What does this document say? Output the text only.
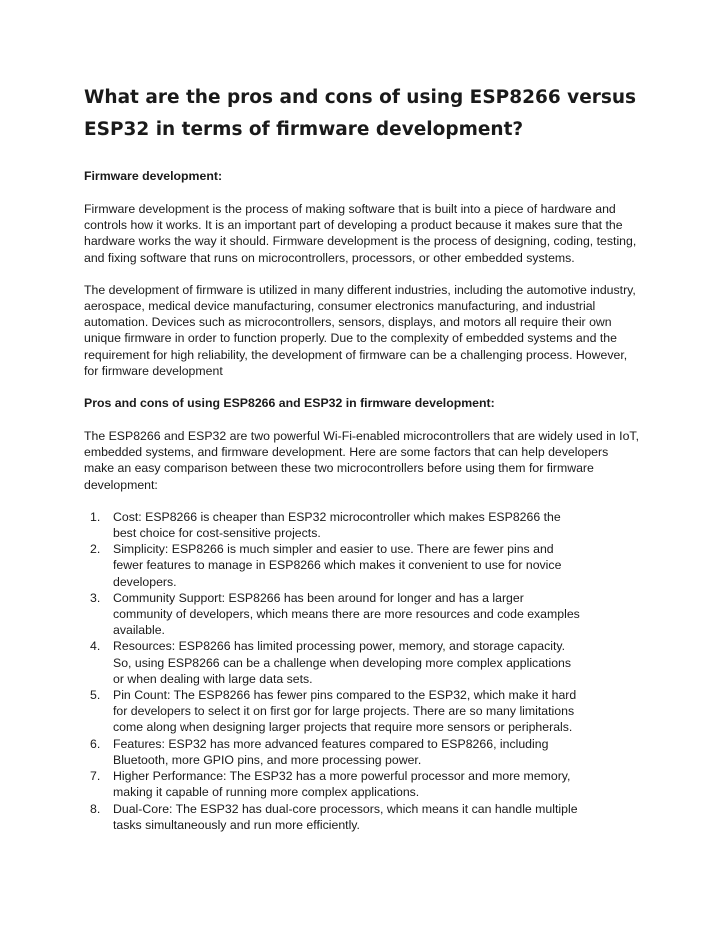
What are the pros and cons of using ESP8266 versus ESP32 in terms of firmware development?
Firmware development:

Firmware development is the process of making software that is built into a piece of hardware and controls how it works. It is an important part of developing a product because it makes sure that the hardware works the way it should. Firmware development is the process of designing, coding, testing, and fixing software that runs on microcontrollers, processors, or other embedded systems.

The development of firmware is utilized in many different industries, including the automotive industry, aerospace, medical device manufacturing, consumer electronics manufacturing, and industrial automation. Devices such as microcontrollers, sensors, displays, and motors all require their own unique firmware in order to function properly. Due to the complexity of embedded systems and the requirement for high reliability, the development of firmware can be a challenging process. However, for firmware development

Pros and cons of using ESP8266 and ESP32 in firmware development:

The ESP8266 and ESP32 are two powerful Wi-Fi-enabled microcontrollers that are widely used in IoT, embedded systems, and firmware development. Here are some factors that can help developers make an easy comparison between these two microcontrollers before using them for firmware development:

1. Cost: ESP8266 is cheaper than ESP32 microcontroller which makes ESP8266 the best choice for cost-sensitive projects.
2. Simplicity: ESP8266 is much simpler and easier to use. There are fewer pins and fewer features to manage in ESP8266 which makes it convenient to use for novice developers.
3. Community Support: ESP8266 has been around for longer and has a larger community of developers, which means there are more resources and code examples available.
4. Resources: ESP8266 has limited processing power, memory, and storage capacity. So, using ESP8266 can be a challenge when developing more complex applications or when dealing with large data sets.
5. Pin Count: The ESP8266 has fewer pins compared to the ESP32, which make it hard for developers to select it on first gor for large projects. There are so many limitations come along when designing larger projects that require more sensors or peripherals.
6. Features: ESP32 has more advanced features compared to ESP8266, including Bluetooth, more GPIO pins, and more processing power.
7. Higher Performance: The ESP32 has a more powerful processor and more memory, making it capable of running more complex applications.
8. Dual-Core: The ESP32 has dual-core processors, which means it can handle multiple tasks simultaneously and run more efficiently.
